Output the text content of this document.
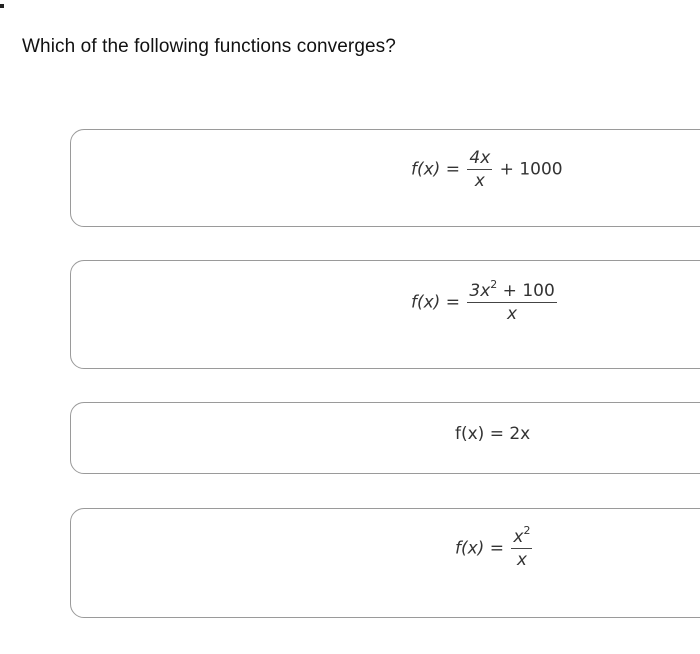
Which of the following functions converges?
$f(x) = \frac{4x}{x} + 1000$
$f(x) = \frac{3x^2 + 100}{x}$
f(x) = 2x
$f(x) = \frac{x^2}{x}$
